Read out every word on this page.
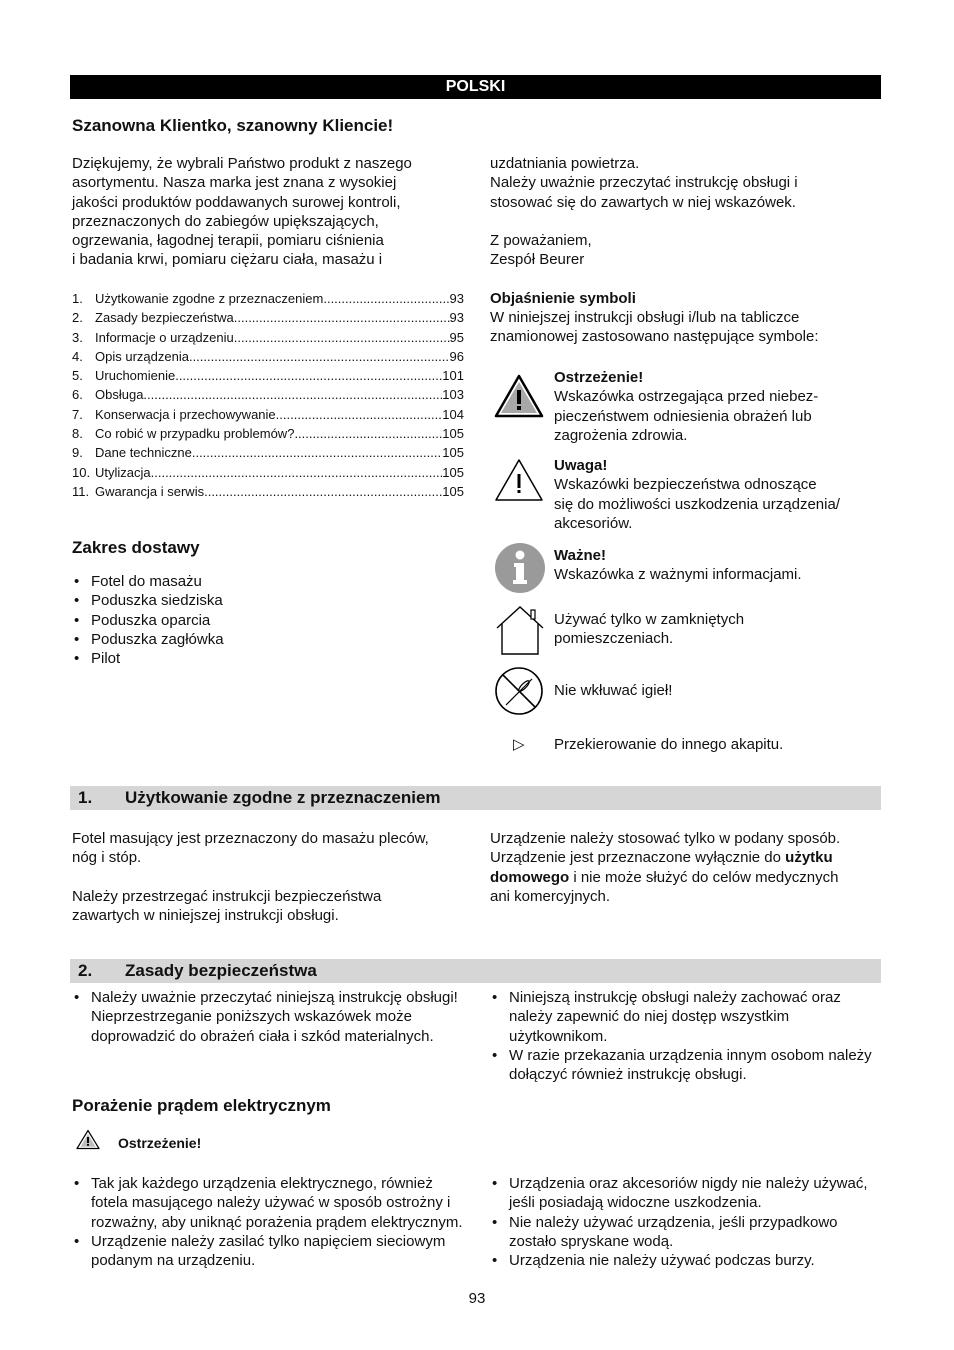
POLSKI
Szanowna Klientko, szanowny Kliencie!
Dziękujemy, że wybrali Państwo produkt z naszego
asortymentu. Nasza marka jest znana z wysokiej
jakości produktów poddawanych surowej kontroli,
przeznaczonych do zabiegów upiększających,
ogrzewania, łagodnej terapii, pomiaru ciśnienia
i badania krwi, pomiaru ciężaru ciała, masażu i
uzdatniania powietrza.
Należy uważnie przeczytać instrukcję obsługi i
stosować się do zawartych w niej wskazówek.
Z poważaniem,
Zespół Beurer
1. Użytkowanie zgodne z przeznaczeniem .....	93
2. Zasady bezpieczeństwa .....	93
3. Informacje o urządzeniu .....	95
4. Opis urządzenia .....	96
5. Uruchomienie .....	101
6. Obsługa .....	103
7. Konserwacja i przechowywanie .....	104
8. Co robić w przypadku problemów? .....	105
9. Dane techniczne .....	105
10. Utylizacja .....	105
11. Gwarancja i serwis .....	105
Zakres dostawy
• Fotel do masażu
• Poduszka siedziska
• Poduszka oparcia
• Poduszka zagłówka
• Pilot
Objaśnienie symboli
W niniejszej instrukcji obsługi i/lub na tabliczce
znamionowej zastosowano następujące symbole:
Ostrzeżenie!
Wskazówka ostrzegająca przed niebez-
pieczeństwem odniesienia obrażeń lub
zagrożenia zdrowia.
Uwaga!
Wskazówki bezpieczeństwa odnoszące
się do możliwości uszkodzenia urządzenia/
akcesoriów.
Ważne!
Wskazówka z ważnymi informacjami.
Używać tylko w zamkniętych
pomieszczeniach.
Nie wkłuwać igieł!
▷ Przekierowanie do innego akapitu.
1. Użytkowanie zgodne z przeznaczeniem
Fotel masujący jest przeznaczony do masażu pleców,
nóg i stóp.
Należy przestrzegać instrukcji bezpieczeństwa
zawartych w niniejszej instrukcji obsługi.
Urządzenie należy stosować tylko w podany sposób.
Urządzenie jest przeznaczone wyłącznie do użytku
domowego i nie może służyć do celów medycznych
ani komercyjnych.
2. Zasady bezpieczeństwa
• Należy uważnie przeczytać niniejszą instrukcję obsługi! Nieprzestrzeganie poniższych wskazówek może doprowadzić do obrażeń ciała i szkód materialnych.
• Niniejszą instrukcję obsługi należy zachować oraz należy zapewnić do niej dostęp wszystkim użytkownikom.
• W razie przekazania urządzenia innym osobom należy dołączyć również instrukcję obsługi.
Porażenie prądem elektrycznym
Ostrzeżenie!
• Tak jak każdego urządzenia elektrycznego, również fotela masującego należy używać w sposób ostrożny i rozważny, aby uniknąć porażenia prądem elektrycznym.
• Urządzenie należy zasilać tylko napięciem sieciowym podanym na urządzeniu.
• Urządzenia oraz akcesoriów nigdy nie należy używać, jeśli posiadają widoczne uszkodzenia.
• Nie należy używać urządzenia, jeśli przypadkowo zostało spryskane wodą.
• Urządzenia nie należy używać podczas burzy.
93
